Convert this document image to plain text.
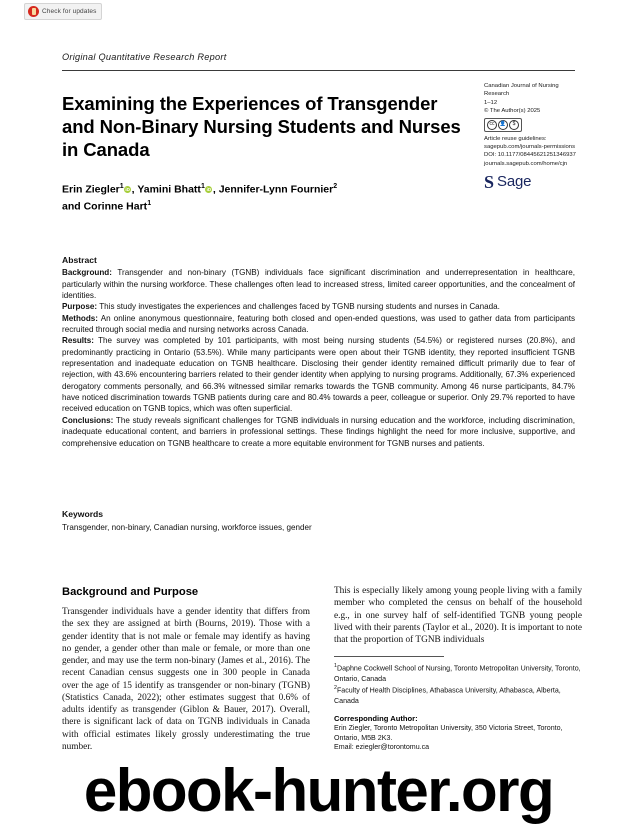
Check for updates
Original Quantitative Research Report
Examining the Experiences of Transgender and Non-Binary Nursing Students and Nurses in Canada
Canadian Journal of Nursing
Research
1–12
© The Author(s) 2025
cc	👤	$
Article reuse guidelines:
sagepub.com/journals-permissions
DOI: 10.1177/08445621251346937
journals.sagepub.com/home/cjn
S Sage
Erin Ziegler$^1$ iD , Yamini Bhatt$^1$ iD , Jennifer-Lynn Fournier$^2$
and Corinne Hart$^1$
Abstract

Background: Transgender and non-binary (TGNB) individuals face significant discrimination and underrepresentation in healthcare, particularly within the nursing workforce. These challenges often lead to increased stress, limited career opportunities, and the concealment of identities.

Purpose: This study investigates the experiences and challenges faced by TGNB nursing students and nurses in Canada.

Methods: An online anonymous questionnaire, featuring both closed and open-ended questions, was used to gather data from participants recruited through social media and nursing networks across Canada.

Results: The survey was completed by 101 participants, with most being nursing students (54.5%) or registered nurses (20.8%), and predominantly practicing in Ontario (53.5%). While many participants were open about their TGNB identity, they reported insufficient TGNB representation and inadequate education on TGNB healthcare. Disclosing their gender identity remained difficult primarily due to fear of rejection, with 43.6% encountering barriers related to their gender identity when applying to nursing programs. Additionally, 67.3% experienced derogatory comments personally, and 66.3% witnessed similar remarks towards the TGNB community. Among 46 nurse participants, 84.7% have noticed discrimination towards TGNB patients during care and 80.4% towards a peer, colleague or superior. Only 29.7% reported to have received education on TGNB topics, which was often superficial.

Conclusions: The study reveals significant challenges for TGNB individuals in nursing education and the workforce, including discrimination, inadequate educational content, and barriers in professional settings. These findings highlight the need for more inclusive, supportive, and comprehensive education on TGNB healthcare to create a more equitable environment for TGNB nurses and patients.

Keywords

Transgender, non-binary, Canadian nursing, workforce issues, gender

Background and Purpose

Transgender individuals have a gender identity that differs from the sex they are assigned at birth (Bourns, 2019). Those with a gender identity that is not male or female may identify as having no gender, a gender other than male or female, or more than one gender, and may use the term non-binary (James et al., 2016). The recent Canadian census suggests one in 300 people in Canada over the age of 15 identify as transgender or non-binary (TGNB) (Statistics Canada, 2022); other estimates suggest that 0.6% of adults identify as transgender (Giblon & Bauer, 2017). Overall, there is significant lack of data on TGNB individuals in Canada with official estimates likely grossly underestimating the true number.

This is especially likely among young people living with a family member who completed the census on behalf of the household e.g., in one survey half of self-identified TGNB young people lived with their parents (Taylor et al., 2020). It is important to note that the proportion of TGNB individuals

$^1$Daphne Cockwell School of Nursing, Toronto Metropolitan University, Toronto, Ontario, Canada

$^2$Faculty of Health Disciplines, Athabasca University, Athabasca, Alberta, Canada

Corresponding Author:

Erin Ziegler, Toronto Metropolitan University, 350 Victoria Street, Toronto, Ontario, M5B 2K3.

Email: eziegler@torontomu.ca

ebook-hunter.org
